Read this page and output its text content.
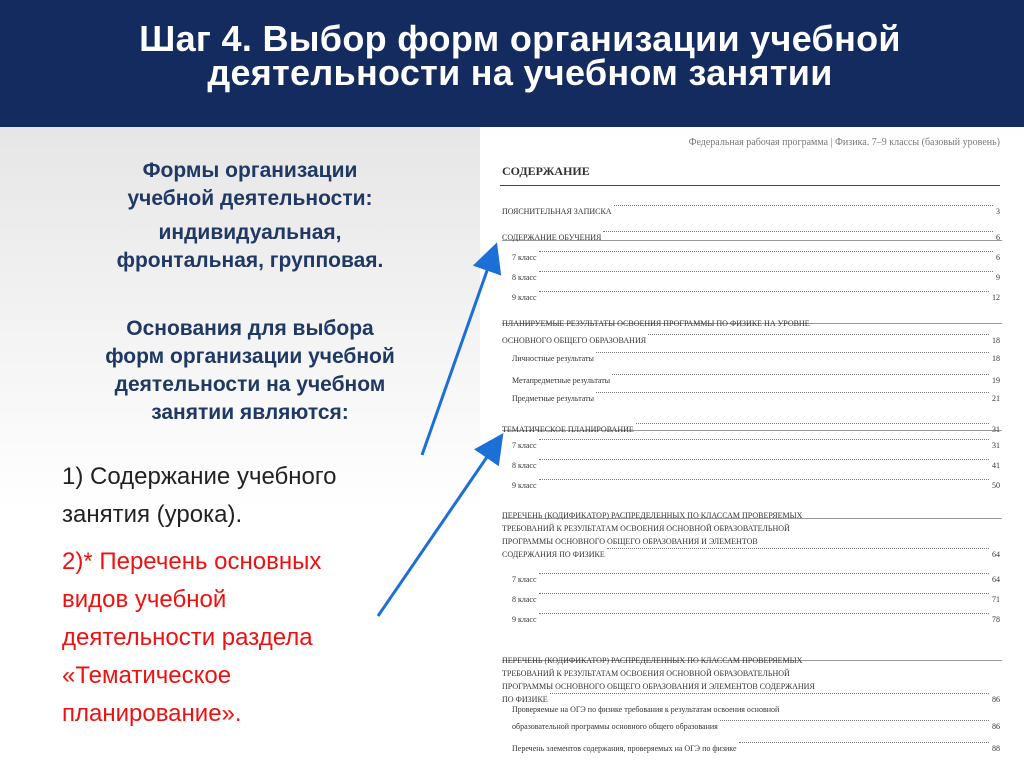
Шаг 4. Выбор форм организации учебной
деятельности на учебном занятии
Формы организации
учебной деятельности:
индивидуальная,
фронтальная, групповая.
Основания для выбора
форм организации учебной
деятельности на учебном
занятии являются:
1) Содержание учебного
занятия (урока).
2)* Перечень основных
видов учебной
деятельности раздела
«Тематическое
планирование».
Федеральная рабочая программа | Физика. 7–9 классы (базовый уровень)
СОДЕРЖАНИЕ
ПОЯСНИТЕЛЬНАЯ ЗАПИСКА	3
СОДЕРЖАНИЕ ОБУЧЕНИЯ	6
7 класс	6
8 класс	9
9 класс	12
ПЛАНИРУЕМЫЕ РЕЗУЛЬТАТЫ ОСВОЕНИЯ ПРОГРАММЫ ПО ФИЗИКЕ НА УРОВНЕ
ОСНОВНОГО ОБЩЕГО ОБРАЗОВАНИЯ	18
Личностные результаты	18
Метапредметные результаты	19
Предметные результаты	21
ТЕМАТИЧЕСКОЕ ПЛАНИРОВАНИЕ	31
7 класс	31
8 класс	41
9 класс	50
ПЕРЕЧЕНЬ (КОДИФИКАТОР) РАСПРЕДЕЛЕННЫХ ПО КЛАССАМ ПРОВЕРЯЕМЫХ
ТРЕБОВАНИЙ К РЕЗУЛЬТАТАМ ОСВОЕНИЯ ОСНОВНОЙ ОБРАЗОВАТЕЛЬНОЙ
ПРОГРАММЫ ОСНОВНОГО ОБЩЕГО ОБРАЗОВАНИЯ И ЭЛЕМЕНТОВ
СОДЕРЖАНИЯ ПО ФИЗИКЕ	64
7 класс	64
8 класс	71
9 класс	78
ПЕРЕЧЕНЬ (КОДИФИКАТОР) РАСПРЕДЕЛЕННЫХ ПО КЛАССАМ ПРОВЕРЯЕМЫХ
ТРЕБОВАНИЙ К РЕЗУЛЬТАТАМ ОСВОЕНИЯ ОСНОВНОЙ ОБРАЗОВАТЕЛЬНОЙ
ПРОГРАММЫ ОСНОВНОГО ОБЩЕГО ОБРАЗОВАНИЯ И ЭЛЕМЕНТОВ СОДЕРЖАНИЯ
ПО ФИЗИКЕ	86
Проверяемые на ОГЭ по физике требования к результатам освоения основной
образовательной программы основного общего образования	86
Перечень элементов содержания, проверяемых на ОГЭ по физике	88
